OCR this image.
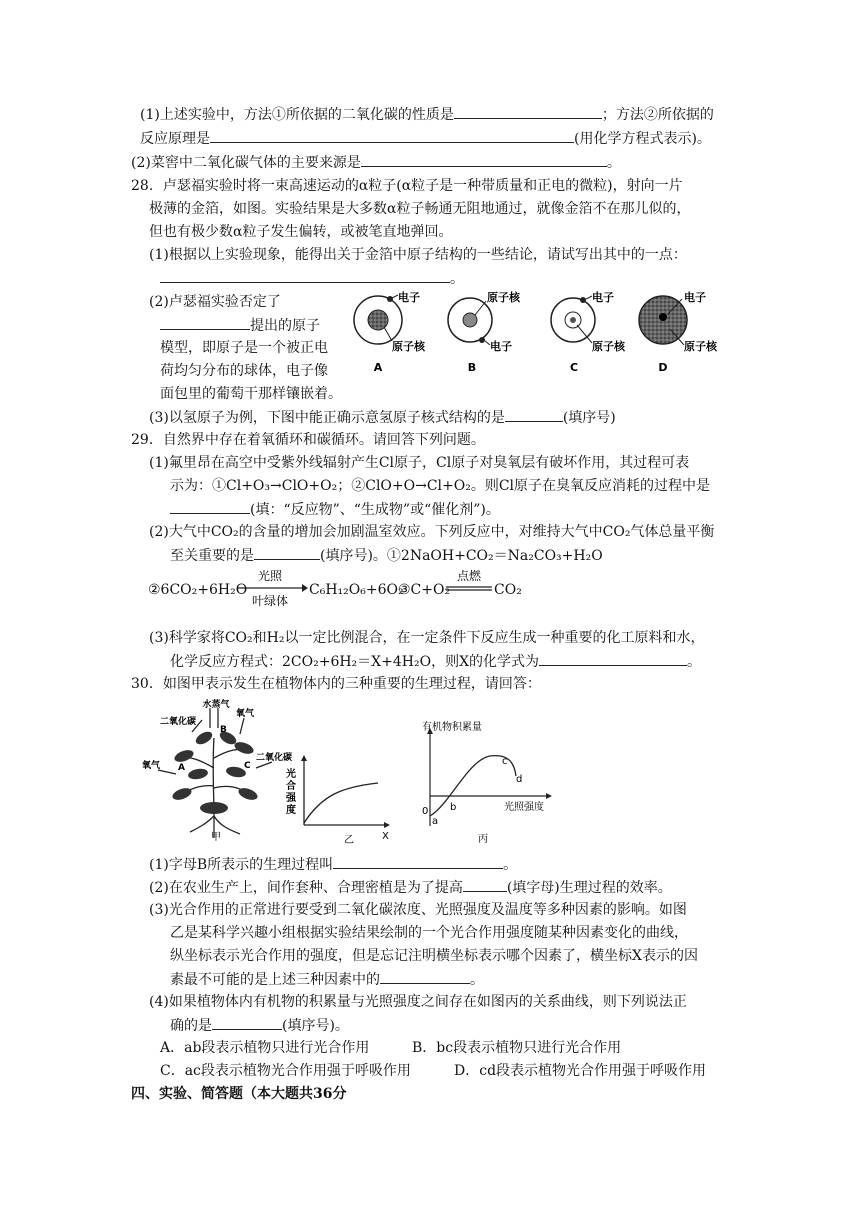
(1)上述实验中，方法①所依据的二氧化碳的性质是	；方法②所依据的
反应原理是	(用化学方程式表示)。
(2)菜窖中二氧化碳气体的主要来源是	。
28．卢瑟福实验时将一束高速运动的α粒子(α粒子是一种带质量和正电的微粒)，射向一片
极薄的金箔，如图。实验结果是大多数α粒子畅通无阻地通过，就像金箔不在那儿似的，
但也有极少数α粒子发生偏转，或被笔直地弹回。
(1)根据以上实验现象，能得出关于金箔中原子结构的一些结论，请试写出其中的一点：
。
(2)卢瑟福实验否定了
提出的原子
模型，即原子是一个被正电
荷均匀分布的球体，电子像
面包里的葡萄干那样镶嵌着。
电子
原子核
A
原子核
电子
B
电子
原子核
C
电子
原子核
D
(3)以氢原子为例，下图中能正确示意氢原子核式结构的是	(填序号)
29．自然界中存在着氧循环和碳循环。请回答下列问题。
(1)氟里昂在高空中受紫外线辐射产生Cl原子，Cl原子对臭氧层有破坏作用，其过程可表
示为：①Cl+O₃→ClO+O₂；②ClO+O→Cl+O₂。则Cl原子在臭氧反应消耗的过程中是
(填：“反应物”、“生成物”或“催化剂”)。
(2)大气中CO₂的含量的增加会加剧温室效应。下列反应中，对维持大气中CO₂气体总量平衡
至关重要的是	(填序号)。①2NaOH+CO₂＝Na₂CO₃+H₂O
②6CO₂+6H₂O
光照
叶绿体
C₆H₁₂O₆+6O₂
③C+O₂
点燃
CO₂
(3)科学家将CO₂和H₂以一定比例混合，在一定条件下反应生成一种重要的化工原料和水，
化学反应方程式：2CO₂+6H₂＝X+4H₂O，则X的化学式为	。
30．如图甲表示发生在植物体内的三种重要的生理过程，请回答：
水蒸气
二氧化碳
氧气
二氧化碳
氧气 A
B
C
甲
光合强度
X
乙
有机物积累量
光照强度
0
a
b
c
d
丙
(1)字母B所表示的生理过程叫	。
(2)在农业生产上，间作套种、合理密植是为了提高	(填字母)生理过程的效率。
(3)光合作用的正常进行要受到二氧化碳浓度、光照强度及温度等多种因素的影响。如图
乙是某科学兴趣小组根据实验结果绘制的一个光合作用强度随某种因素变化的曲线，
纵坐标表示光合作用的强度，但是忘记注明横坐标表示哪个因素了，横坐标X表示的因
素最不可能的是上述三种因素中的	。
(4)如果植物体内有机物的积累量与光照强度之间存在如图丙的关系曲线，则下列说法正
确的是	(填序号)。
A．ab段表示植物只进行光合作用	B．bc段表示植物只进行光合作用
C．ac段表示植物光合作用强于呼吸作用	D．cd段表示植物光合作用强于呼吸作用
四、实验、简答题（本大题共36分
